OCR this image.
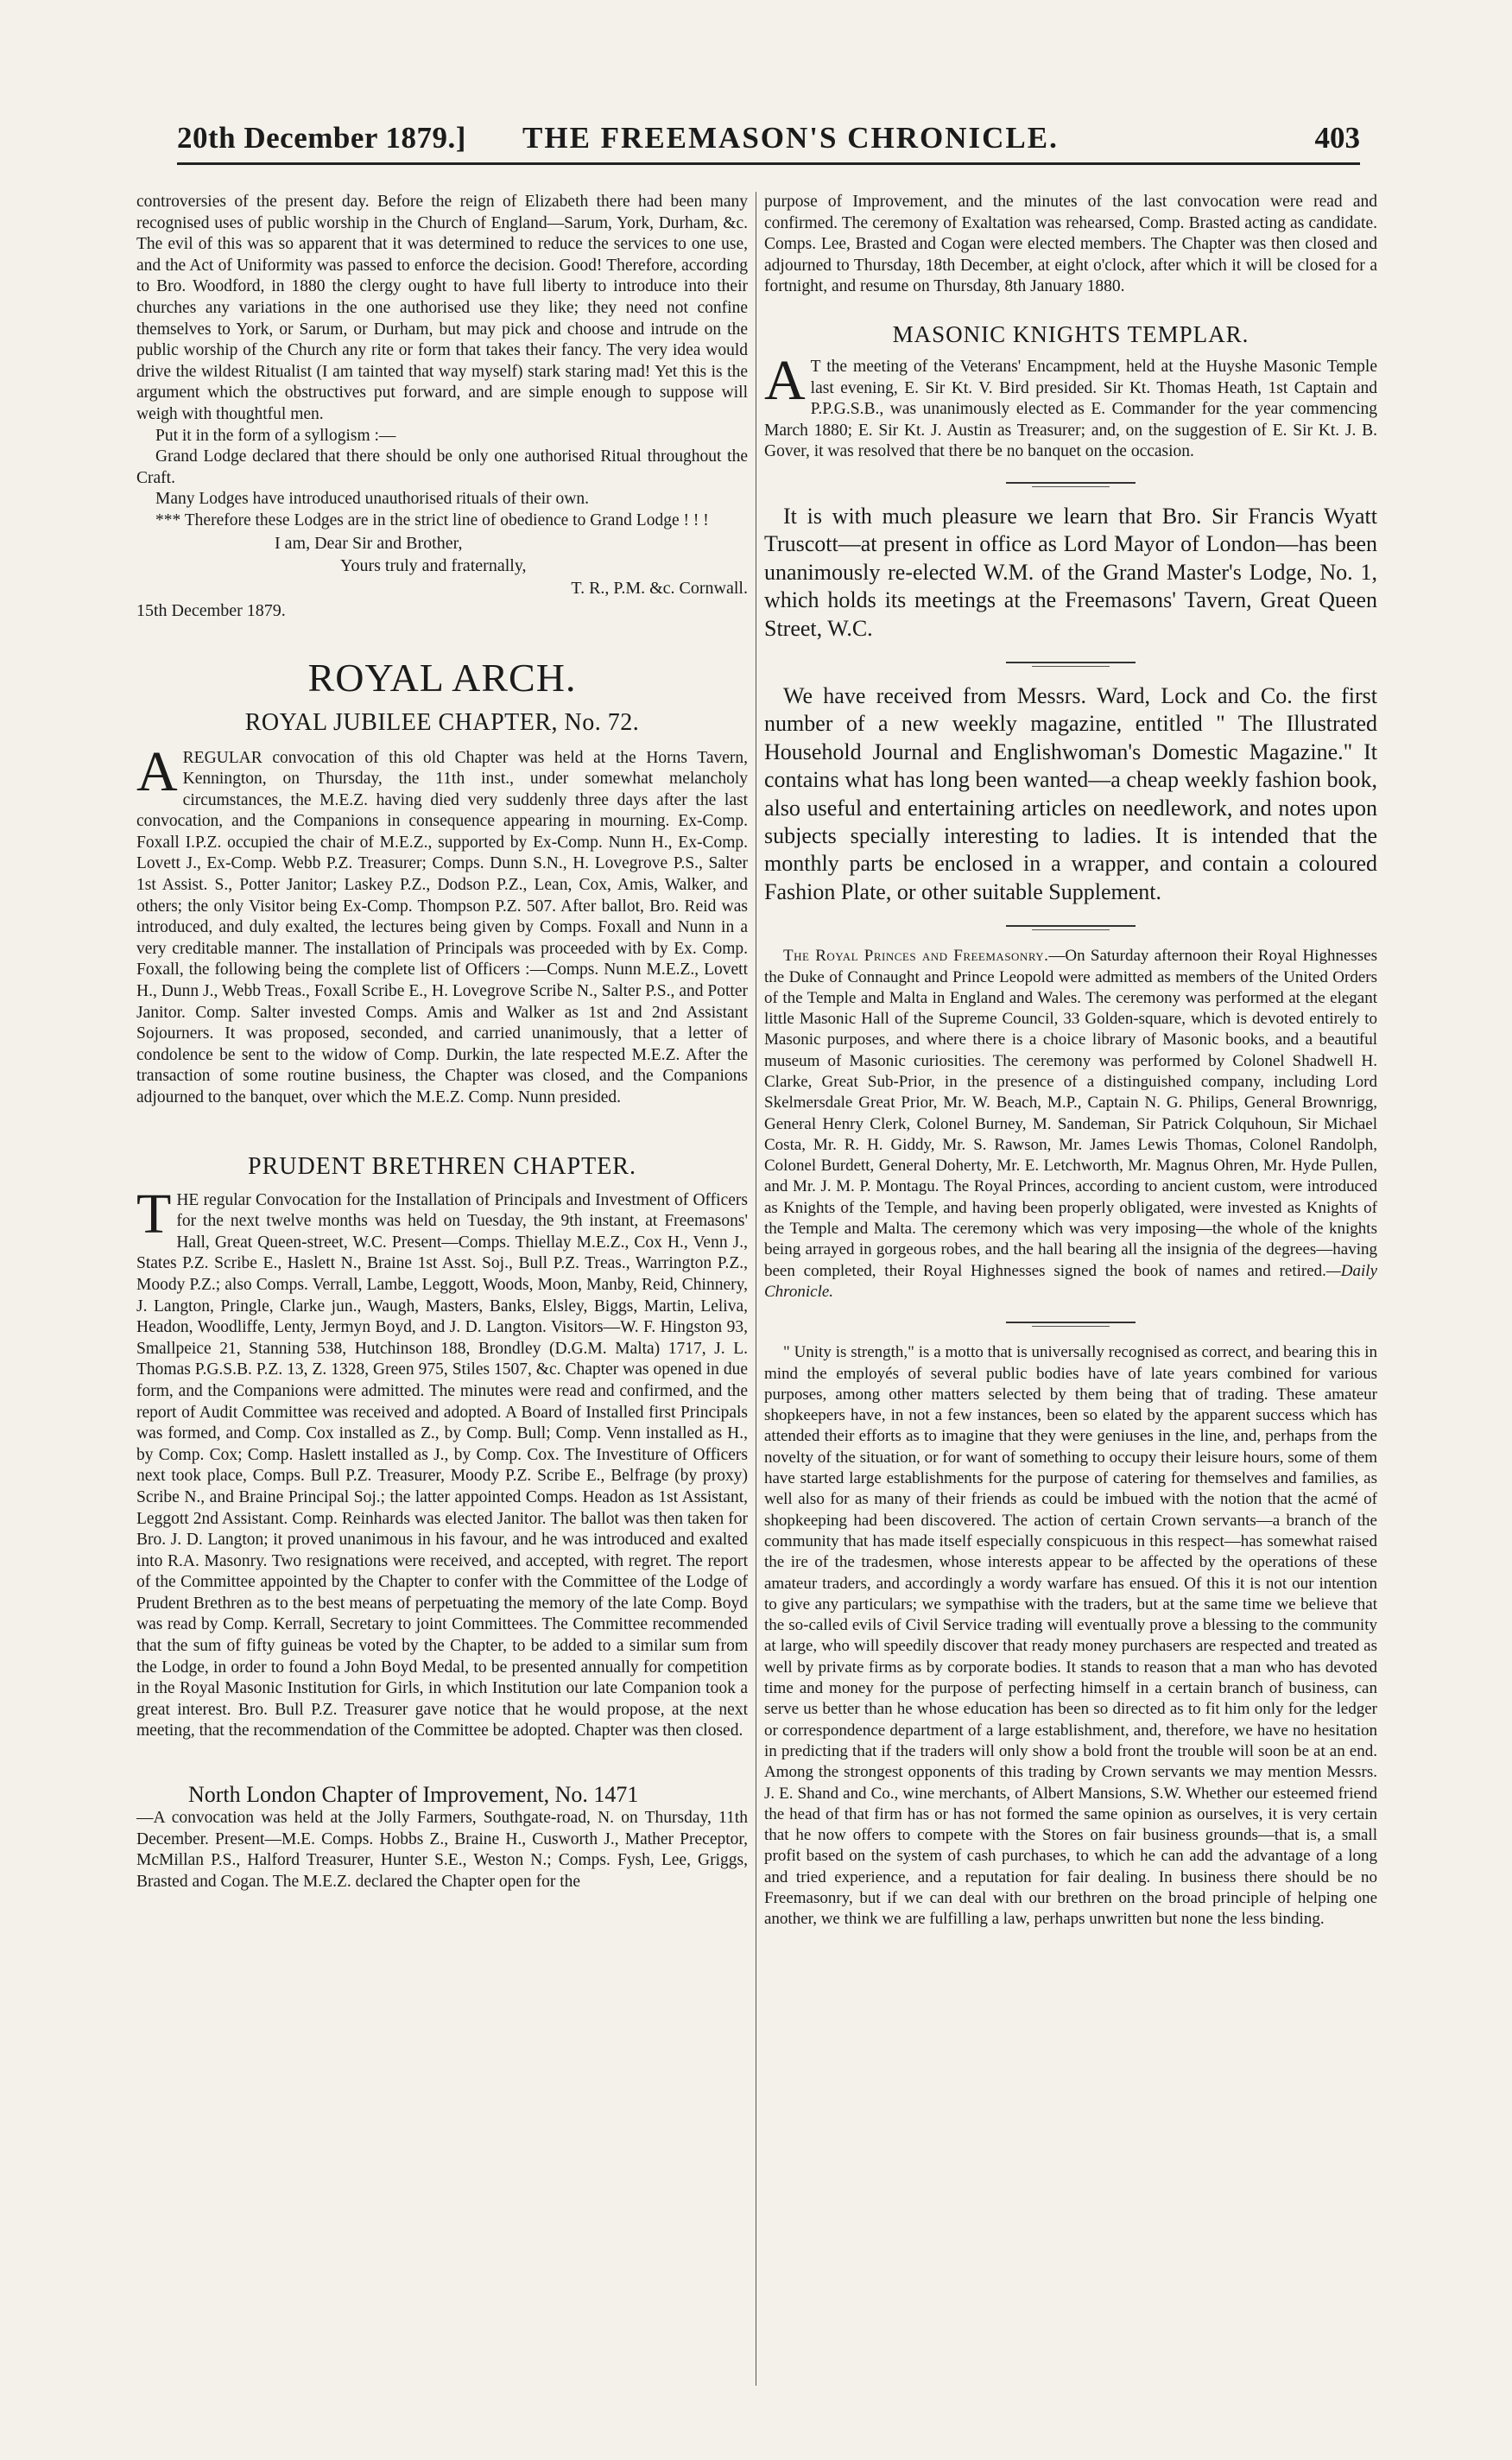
20th December 1879.] THE FREEMASON'S CHRONICLE.	403

controversies of the present day. Before the reign of Elizabeth there had been many recognised uses of public worship in the Church of England—Sarum, York, Durham, &c. The evil of this was so apparent that it was determined to reduce the services to one use, and the Act of Uniformity was passed to enforce the decision. Good! Therefore, according to Bro. Woodford, in 1880 the clergy ought to have full liberty to introduce into their churches any variations in the one authorised use they like; they need not confine themselves to York, or Sarum, or Durham, but may pick and choose and intrude on the public worship of the Church any rite or form that takes their fancy. The very idea would drive the wildest Ritualist (I am tainted that way myself) stark staring mad! Yet this is the argument which the obstructives put forward, and are simple enough to suppose will weigh with thoughtful men.

Put it in the form of a syllogism :—

Grand Lodge declared that there should be only one authorised Ritual throughout the Craft.

Many Lodges have introduced unauthorised rituals of their own.

*** Therefore these Lodges are in the strict line of obedience to Grand Lodge ! ! !

I am, Dear Sir and Brother,
Yours truly and fraternally,
T. R., P.M. &c. Cornwall.
15th December 1879.
ROYAL ARCH.
ROYAL JUBILEE CHAPTER, No. 72.

AREGULAR convocation of this old Chapter was held at the Horns Tavern, Kennington, on Thursday, the 11th inst., under somewhat melancholy circumstances, the M.E.Z. having died very suddenly three days after the last convocation, and the Companions in consequence appearing in mourning. Ex-Comp. Foxall I.P.Z. occupied the chair of M.E.Z., supported by Ex-Comp. Nunn H., Ex-Comp. Lovett J., Ex-Comp. Webb P.Z. Treasurer; Comps. Dunn S.N., H. Lovegrove P.S., Salter 1st Assist. S., Potter Janitor; Laskey P.Z., Dodson P.Z., Lean, Cox, Amis, Walker, and others; the only Visitor being Ex-Comp. Thompson P.Z. 507. After ballot, Bro. Reid was introduced, and duly exalted, the lectures being given by Comps. Foxall and Nunn in a very creditable manner. The installation of Principals was proceeded with by Ex. Comp. Foxall, the following being the complete list of Officers :—Comps. Nunn M.E.Z., Lovett H., Dunn J., Webb Treas., Foxall Scribe E., H. Lovegrove Scribe N., Salter P.S., and Potter Janitor. Comp. Salter invested Comps. Amis and Walker as 1st and 2nd Assistant Sojourners. It was proposed, seconded, and carried unanimously, that a letter of condolence be sent to the widow of Comp. Durkin, the late respected M.E.Z. After the transaction of some routine business, the Chapter was closed, and the Companions adjourned to the banquet, over which the M.E.Z. Comp. Nunn presided.

PRUDENT BRETHREN CHAPTER.

THE regular Convocation for the Installation of Principals and Investment of Officers for the next twelve months was held on Tuesday, the 9th instant, at Freemasons' Hall, Great Queen-street, W.C. Present—Comps. Thiellay M.E.Z., Cox H., Venn J., States P.Z. Scribe E., Haslett N., Braine 1st Asst. Soj., Bull P.Z. Treas., Warrington P.Z., Moody P.Z.; also Comps. Verrall, Lambe, Leggott, Woods, Moon, Manby, Reid, Chinnery, J. Langton, Pringle, Clarke jun., Waugh, Masters, Banks, Elsley, Biggs, Martin, Leliva, Headon, Woodliffe, Lenty, Jermyn Boyd, and J. D. Langton. Visitors—W. F. Hingston 93, Smallpeice 21, Stanning 538, Hutchinson 188, Brondley (D.G.M. Malta) 1717, J. L. Thomas P.G.S.B. P.Z. 13, Z. 1328, Green 975, Stiles 1507, &c. Chapter was opened in due form, and the Companions were admitted. The minutes were read and confirmed, and the report of Audit Committee was received and adopted. A Board of Installed first Principals was formed, and Comp. Cox installed as Z., by Comp. Bull; Comp. Venn installed as H., by Comp. Cox; Comp. Haslett installed as J., by Comp. Cox. The Investiture of Officers next took place, Comps. Bull P.Z. Treasurer, Moody P.Z. Scribe E., Belfrage (by proxy) Scribe N., and Braine Principal Soj.; the latter appointed Comps. Headon as 1st Assistant, Leggott 2nd Assistant. Comp. Reinhards was elected Janitor. The ballot was then taken for Bro. J. D. Langton; it proved unanimous in his favour, and he was introduced and exalted into R.A. Masonry. Two resignations were received, and accepted, with regret. The report of the Committee appointed by the Chapter to confer with the Committee of the Lodge of Prudent Brethren as to the best means of perpetuating the memory of the late Comp. Boyd was read by Comp. Kerrall, Secretary to joint Committees. The Committee recommended that the sum of fifty guineas be voted by the Chapter, to be added to a similar sum from the Lodge, in order to found a John Boyd Medal, to be presented annually for competition in the Royal Masonic Institution for Girls, in which Institution our late Companion took a great interest. Bro. Bull P.Z. Treasurer gave notice that he would propose, at the next meeting, that the recommendation of the Committee be adopted. Chapter was then closed.

North London Chapter of Improvement, No. 1471

—A convocation was held at the Jolly Farmers, Southgate-road, N. on Thursday, 11th December. Present—M.E. Comps. Hobbs Z., Braine H., Cusworth J., Mather Preceptor, McMillan P.S., Halford Treasurer, Hunter S.E., Weston N.; Comps. Fysh, Lee, Griggs, Brasted and Cogan. The M.E.Z. declared the Chapter open for the

purpose of Improvement, and the minutes of the last convocation were read and confirmed. The ceremony of Exaltation was rehearsed, Comp. Brasted acting as candidate. Comps. Lee, Brasted and Cogan were elected members. The Chapter was then closed and adjourned to Thursday, 18th December, at eight o'clock, after which it will be closed for a fortnight, and resume on Thursday, 8th January 1880.

MASONIC KNIGHTS TEMPLAR.

A T the meeting of the Veterans' Encampment, held at the Huyshe Masonic Temple last evening, E. Sir Kt. V. Bird presided. Sir Kt. Thomas Heath, 1st Captain and P.P.G.S.B., was unanimously elected as E. Commander for the year commencing March 1880; E. Sir Kt. J. Austin as Treasurer; and, on the suggestion of E. Sir Kt. J. B. Gover, it was resolved that there be no banquet on the occasion.

It is with much pleasure we learn that Bro. Sir Francis Wyatt Truscott—at present in office as Lord Mayor of London—has been unanimously re-elected W.M. of the Grand Master's Lodge, No. 1, which holds its meetings at the Freemasons' Tavern, Great Queen Street, W.C.

We have received from Messrs. Ward, Lock and Co. the first number of a new weekly magazine, entitled " The Illustrated Household Journal and Englishwoman's Domestic Magazine." It contains what has long been wanted—a cheap weekly fashion book, also useful and entertaining articles on needlework, and notes upon subjects specially interesting to ladies. It is intended that the monthly parts be enclosed in a wrapper, and contain a coloured Fashion Plate, or other suitable Supplement.

The Royal Princes and Freemasonry.—On Saturday afternoon their Royal Highnesses the Duke of Connaught and Prince Leopold were admitted as members of the United Orders of the Temple and Malta in England and Wales. The ceremony was performed at the elegant little Masonic Hall of the Supreme Council, 33 Golden-square, which is devoted entirely to Masonic purposes, and where there is a choice library of Masonic books, and a beautiful museum of Masonic curiosities. The ceremony was performed by Colonel Shadwell H. Clarke, Great Sub-Prior, in the presence of a distinguished company, including Lord Skelmersdale Great Prior, Mr. W. Beach, M.P., Captain N. G. Philips, General Brownrigg, General Henry Clerk, Colonel Burney, M. Sandeman, Sir Patrick Colquhoun, Sir Michael Costa, Mr. R. H. Giddy, Mr. S. Rawson, Mr. James Lewis Thomas, Colonel Randolph, Colonel Burdett, General Doherty, Mr. E. Letchworth, Mr. Magnus Ohren, Mr. Hyde Pullen, and Mr. J. M. P. Montagu. The Royal Princes, according to ancient custom, were introduced as Knights of the Temple, and having been properly obligated, were invested as Knights of the Temple and Malta. The ceremony which was very imposing—the whole of the knights being arrayed in gorgeous robes, and the hall bearing all the insignia of the degrees—having been completed, their Royal Highnesses signed the book of names and retired.—Daily Chronicle.

" Unity is strength," is a motto that is universally recognised as correct, and bearing this in mind the employés of several public bodies have of late years combined for various purposes, among other matters selected by them being that of trading. These amateur shopkeepers have, in not a few instances, been so elated by the apparent success which has attended their efforts as to imagine that they were geniuses in the line, and, perhaps from the novelty of the situation, or for want of something to occupy their leisure hours, some of them have started large establishments for the purpose of catering for themselves and families, as well also for as many of their friends as could be imbued with the notion that the acmé of shopkeeping had been discovered. The action of certain Crown servants—a branch of the community that has made itself especially conspicuous in this respect—has somewhat raised the ire of the tradesmen, whose interests appear to be affected by the operations of these amateur traders, and accordingly a wordy warfare has ensued. Of this it is not our intention to give any particulars; we sympathise with the traders, but at the same time we believe that the so-called evils of Civil Service trading will eventually prove a blessing to the community at large, who will speedily discover that ready money purchasers are respected and treated as well by private firms as by corporate bodies. It stands to reason that a man who has devoted time and money for the purpose of perfecting himself in a certain branch of business, can serve us better than he whose education has been so directed as to fit him only for the ledger or correspondence department of a large establishment, and, therefore, we have no hesitation in predicting that if the traders will only show a bold front the trouble will soon be at an end. Among the strongest opponents of this trading by Crown servants we may mention Messrs. J. E. Shand and Co., wine merchants, of Albert Mansions, S.W. Whether our esteemed friend the head of that firm has or has not formed the same opinion as ourselves, it is very certain that he now offers to compete with the Stores on fair business grounds—that is, a small profit based on the system of cash purchases, to which he can add the advantage of a long and tried experience, and a reputation for fair dealing. In business there should be no Freemasonry, but if we can deal with our brethren on the broad principle of helping one another, we think we are fulfilling a law, perhaps unwritten but none the less binding.
